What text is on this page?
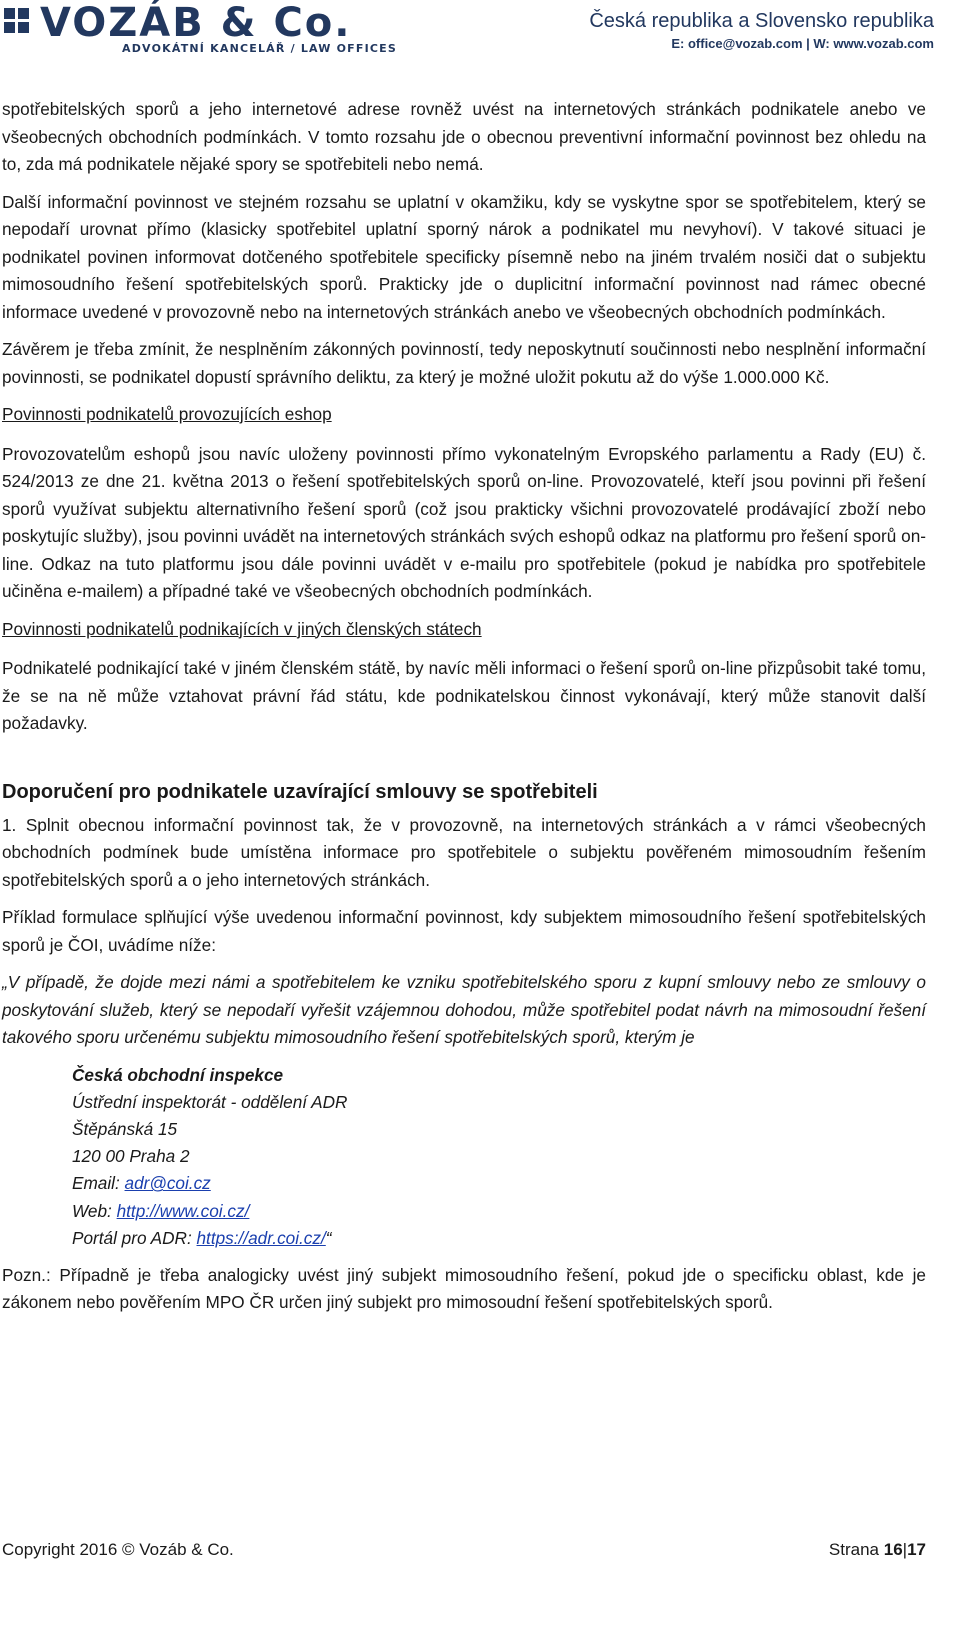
VOZÁB & Co.
ADVOKÁTNÍ KANCELÁŘ / LAW OFFICES
Česká republika a Slovensko republika
E: office@vozab.com | W: www.vozab.com

spotřebitelských sporů a jeho internetové adrese rovněž uvést na internetových stránkách podnikatele anebo ve všeobecných obchodních podmínkách. V tomto rozsahu jde o obecnou preventivní informační povinnost bez ohledu na to, zda má podnikatele nějaké spory se spotřebiteli nebo nemá.

Další informační povinnost ve stejném rozsahu se uplatní v okamžiku, kdy se vyskytne spor se spotřebitelem, který se nepodaří urovnat přímo (klasicky spotřebitel uplatní sporný nárok a podnikatel mu nevyhoví). V takové situaci je podnikatel povinen informovat dotčeného spotřebitele specificky písemně nebo na jiném trvalém nosiči dat o subjektu mimosoudního řešení spotřebitelských sporů. Prakticky jde o duplicitní informační povinnost nad rámec obecné informace uvedené v provozovně nebo na internetových stránkách anebo ve všeobecných obchodních podmínkách.

Závěrem je třeba zmínit, že nesplněním zákonných povinností, tedy neposkytnutí součinnosti nebo nesplnění informační povinnosti, se podnikatel dopustí správního deliktu, za který je možné uložit pokutu až do výše 1.000.000 Kč.

Povinnosti podnikatelů provozujících eshop

Provozovatelům eshopů jsou navíc uloženy povinnosti přímo vykonatelným Evropského parlamentu a Rady (EU) č. 524/2013 ze dne 21. května 2013 o řešení spotřebitelských sporů on-line. Provozovatelé, kteří jsou povinni při řešení sporů využívat subjektu alternativního řešení sporů (což jsou prakticky všichni provozovatelé prodávající zboží nebo poskytujíc služby), jsou povinni uvádět na internetových stránkách svých eshopů odkaz na platformu pro řešení sporů on-line. Odkaz na tuto platformu jsou dále povinni uvádět v e-mailu pro spotřebitele (pokud je nabídka pro spotřebitele učiněna e-mailem) a případné také ve všeobecných obchodních podmínkách.

Povinnosti podnikatelů podnikajících v jiných členských státech

Podnikatelé podnikající také v jiném členském státě, by navíc měli informaci o řešení sporů on-line přizpůsobit také tomu, že se na ně může vztahovat právní řád státu, kde podnikatelskou činnost vykonávají, který může stanovit další požadavky.

Doporučení pro podnikatele uzavírající smlouvy se spotřebiteli

1. Splnit obecnou informační povinnost tak, že v provozovně, na internetových stránkách a v rámci všeobecných obchodních podmínek bude umístěna informace pro spotřebitele o subjektu pověřeném mimosoudním řešením spotřebitelských sporů a o jeho internetových stránkách.

Příklad formulace splňující výše uvedenou informační povinnost, kdy subjektem mimosoudního řešení spotřebitelských sporů je ČOI, uvádíme níže:

„V případě, že dojde mezi námi a spotřebitelem ke vzniku spotřebitelského sporu z kupní smlouvy nebo ze smlouvy o poskytování služeb, který se nepodaří vyřešit vzájemnou dohodou, může spotřebitel podat návrh na mimosoudní řešení takového sporu určenému subjektu mimosoudního řešení spotřebitelských sporů, kterým je

Česká obchodní inspekce
Ústřední inspektorát - oddělení ADR
Štěpánská 15
120 00 Praha 2
Email: adr@coi.cz
Web: http://www.coi.cz/
Portál pro ADR: https://adr.coi.cz/“

Pozn.: Případně je třeba analogicky uvést jiný subjekt mimosoudního řešení, pokud jde o specificku oblast, kde je zákonem nebo pověřením MPO ČR určen jiný subjekt pro mimosoudní řešení spotřebitelských sporů.

Copyright 2016 © Vozáb & Co.	Strana 16|17
